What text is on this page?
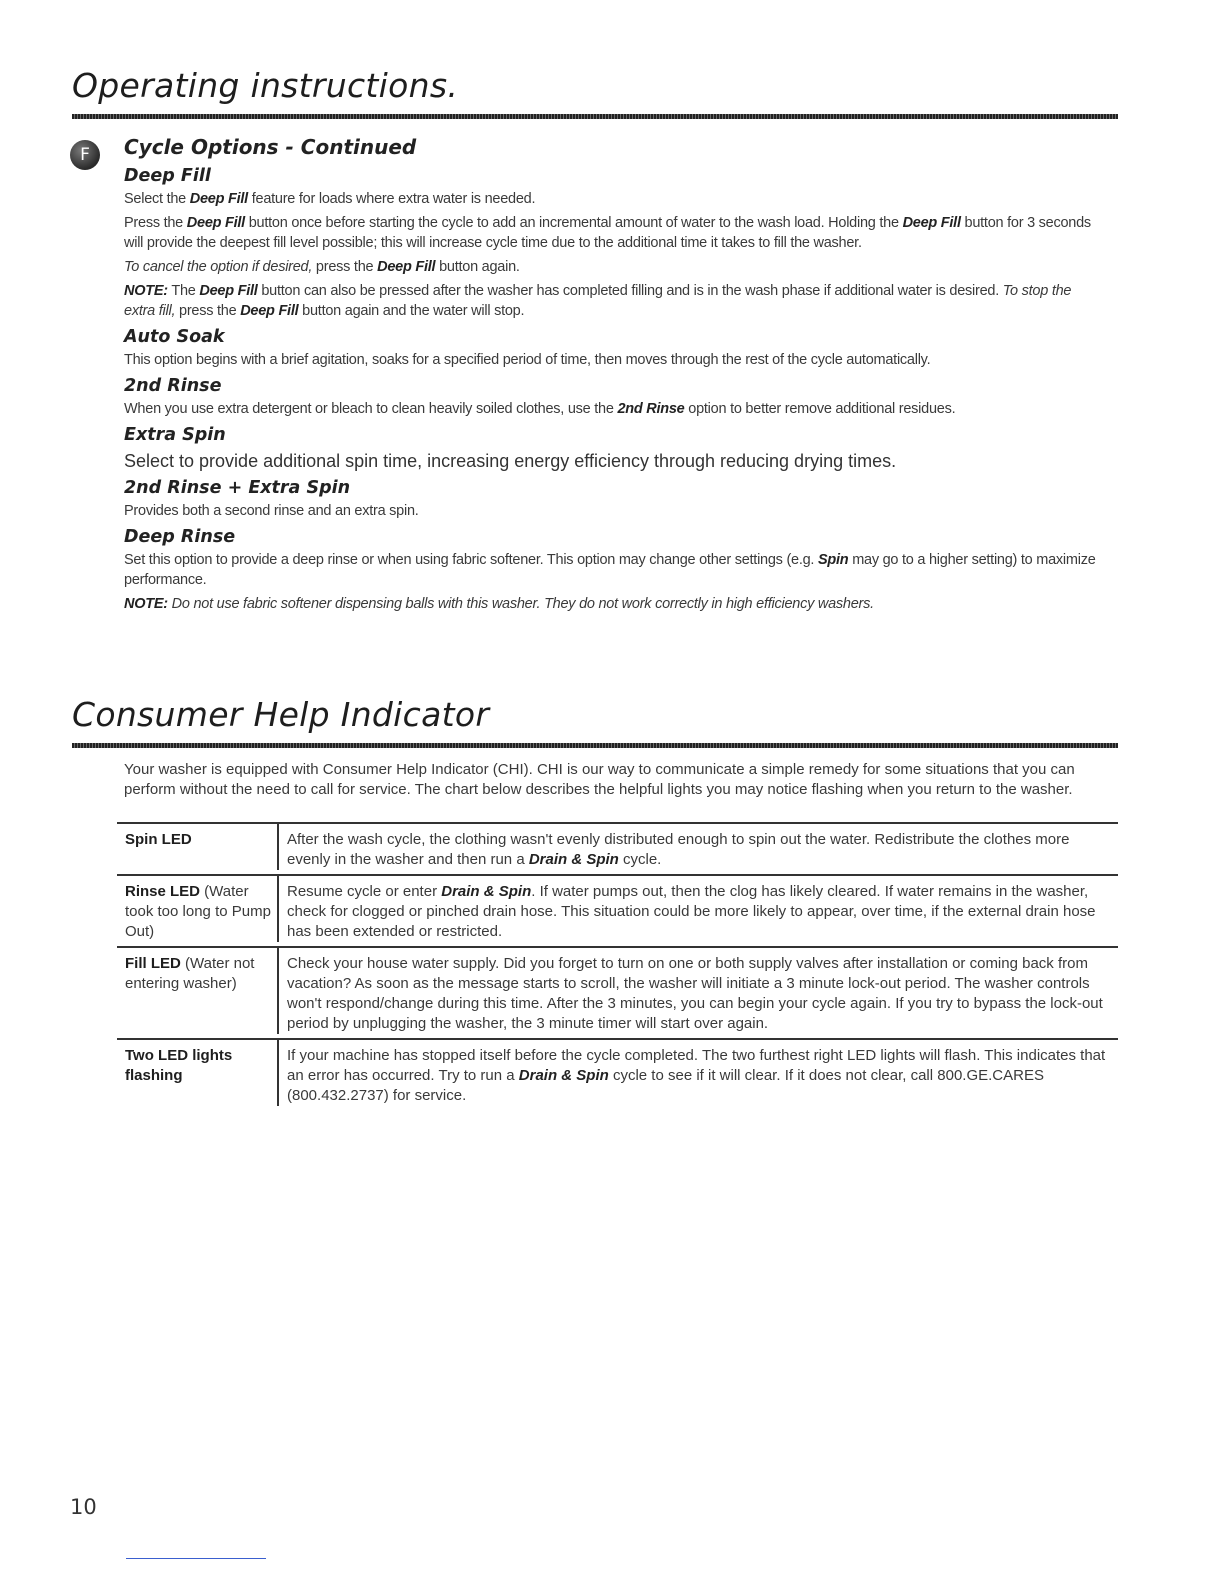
Operating instructions.
F	Cycle Options - Continued
Deep Fill

Select the Deep Fill feature for loads where extra water is needed.

Press the Deep Fill button once before starting the cycle to add an incremental amount of water to the wash load. Holding the Deep Fill button for 3 seconds will provide the deepest fill level possible; this will increase cycle time due to the additional time it takes to fill the washer.

To cancel the option if desired, press the Deep Fill button again.

NOTE: The Deep Fill button can also be pressed after the washer has completed filling and is in the wash phase if additional water is desired. To stop the extra fill, press the Deep Fill button again and the water will stop.

Auto Soak

This option begins with a brief agitation, soaks for a specified period of time, then moves through the rest of the cycle automatically.

2nd Rinse

When you use extra detergent or bleach to clean heavily soiled clothes, use the 2nd Rinse option to better remove additional residues.

Extra Spin

Select to provide additional spin time, increasing energy efficiency through reducing drying times.

2nd Rinse + Extra Spin

Provides both a second rinse and an extra spin.

Deep Rinse

Set this option to provide a deep rinse or when using fabric softener. This option may change other settings (e.g. Spin may go to a higher setting) to maximize performance.

NOTE: Do not use fabric softener dispensing balls with this washer. They do not work correctly in high efficiency washers.

Consumer Help Indicator

Your washer is equipped with Consumer Help Indicator (CHI). CHI is our way to communicate a simple remedy for some situations that you can perform without the need to call for service. The chart below describes the helpful lights you may notice flashing when you return to the washer.

Spin LED	After the wash cycle, the clothing wasn't evenly distributed enough to spin out the water. Redistribute the clothes more evenly in the washer and then run a Drain & Spin cycle.
Rinse LED (Water took too long to Pump Out)
Resume cycle or enter Drain & Spin. If water pumps out, then the clog has likely cleared. If water remains in the washer, check for clogged or pinched drain hose. This situation could be more likely to appear, over time, if the external drain hose has been extended or restricted.
Fill LED (Water not entering washer)
Check your house water supply. Did you forget to turn on one or both supply valves after installation or coming back from vacation? As soon as the message starts to scroll, the washer will initiate a 3 minute lock-out period. The washer controls won't respond/change during this time. After the 3 minutes, you can begin your cycle again. If you try to bypass the lock-out period by unplugging the washer, the 3 minute timer will start over again.
Two LED lights flashing
If your machine has stopped itself before the cycle completed. The two furthest right LED lights will flash. This indicates that an error has occurred. Try to run a Drain & Spin cycle to see if it will clear. If it does not clear, call 800.GE.CARES (800.432.2737) for service.
10
